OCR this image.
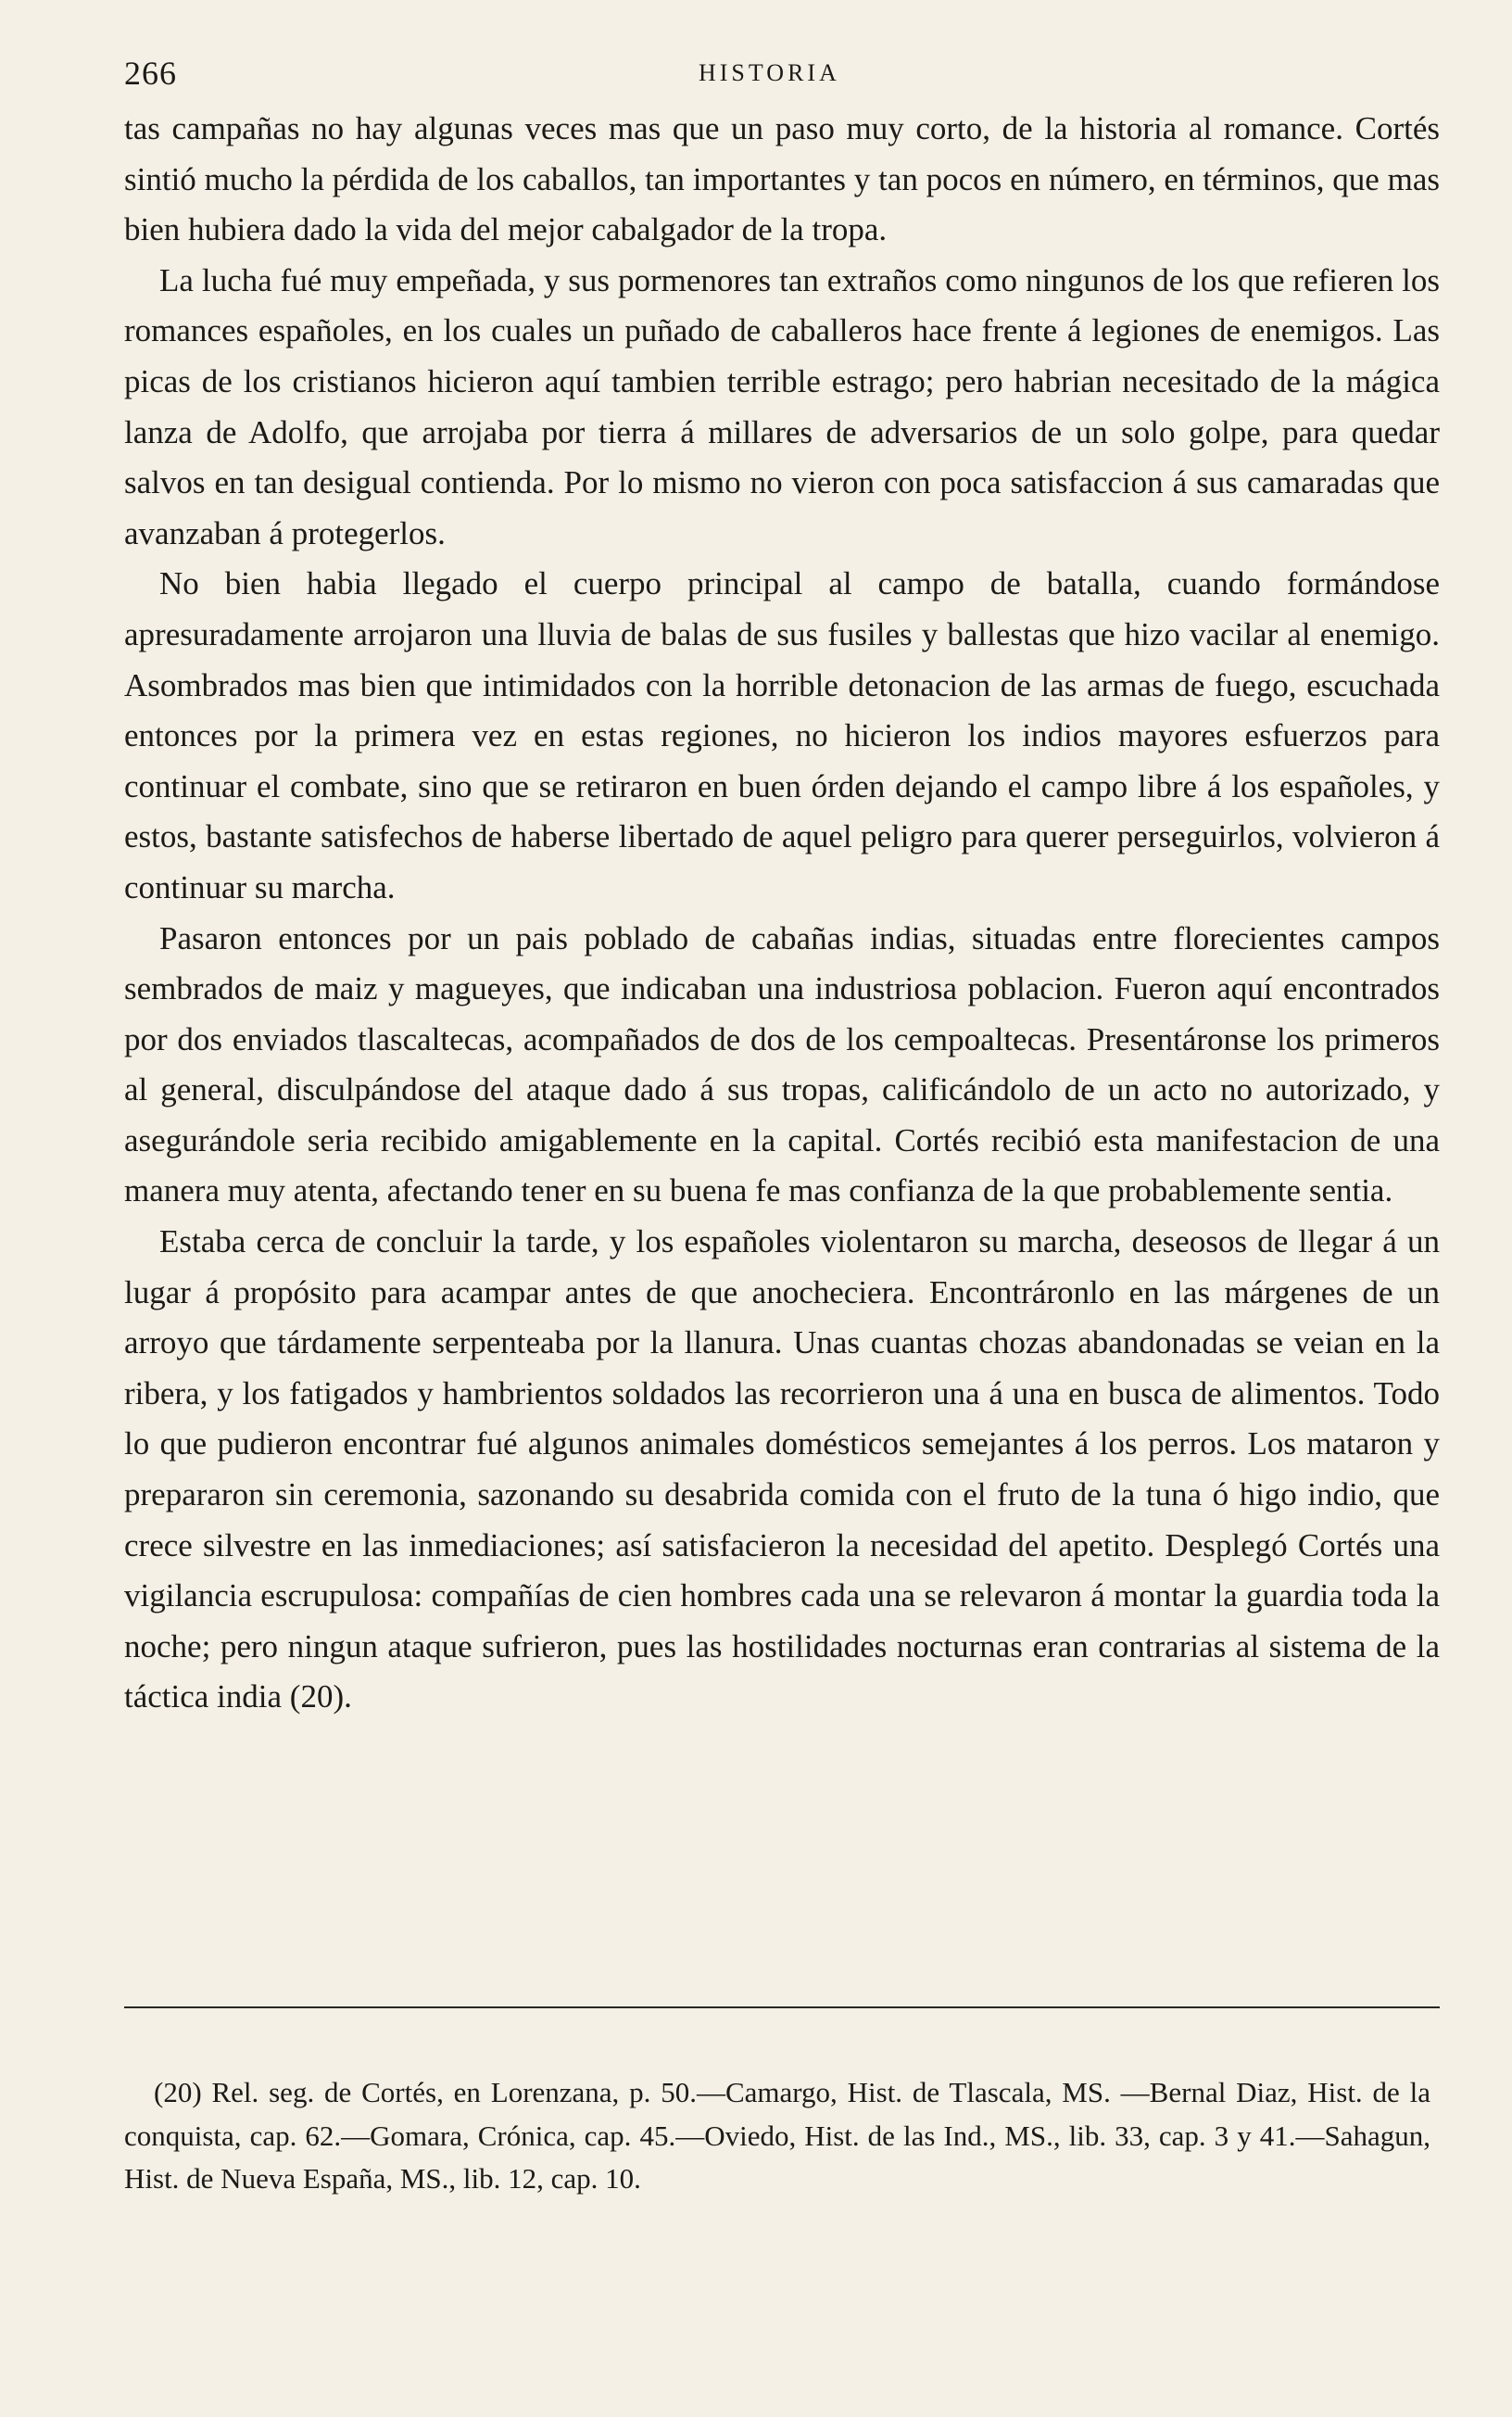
266	HISTORIA

tas campañas no hay algunas veces mas que un paso muy corto, de la historia al romance. Cortés sintió mucho la pérdida de los caballos, tan importantes y tan pocos en número, en términos, que mas bien hubiera dado la vida del mejor cabalgador de la tropa.

La lucha fué muy empeñada, y sus pormenores tan extraños como ningunos de los que refieren los romances españoles, en los cuales un puñado de caballeros hace frente á legiones de enemigos. Las picas de los cristianos hicieron aquí tambien terrible estrago; pero habrian necesitado de la mágica lanza de Adolfo, que arrojaba por tierra á millares de adversarios de un solo golpe, para quedar salvos en tan desigual contienda. Por lo mismo no vieron con poca satisfaccion á sus camaradas que avanzaban á protegerlos.

No bien habia llegado el cuerpo principal al campo de batalla, cuando formándose apresuradamente arrojaron una lluvia de balas de sus fusiles y ballestas que hizo vacilar al enemigo. Asombrados mas bien que intimidados con la horrible detonacion de las armas de fuego, escuchada entonces por la primera vez en estas regiones, no hicieron los indios mayores esfuerzos para continuar el combate, sino que se retiraron en buen órden dejando el campo libre á los españoles, y estos, bastante satisfechos de haberse libertado de aquel peligro para querer perseguirlos, volvieron á continuar su marcha.

Pasaron entonces por un pais poblado de cabañas indias, situadas entre florecientes campos sembrados de maiz y magueyes, que indicaban una industriosa poblacion. Fueron aquí encontrados por dos enviados tlascaltecas, acompañados de dos de los cempoaltecas. Presentáronse los primeros al general, disculpándose del ataque dado á sus tropas, calificándolo de un acto no autorizado, y asegurándole seria recibido amigablemente en la capital. Cortés recibió esta manifestacion de una manera muy atenta, afectando tener en su buena fe mas confianza de la que probablemente sentia.

Estaba cerca de concluir la tarde, y los españoles violentaron su marcha, deseosos de llegar á un lugar á propósito para acampar antes de que anocheciera. Encontráronlo en las márgenes de un arroyo que tárdamente serpenteaba por la llanura. Unas cuantas chozas abandonadas se veian en la ribera, y los fatigados y hambrientos soldados las recorrieron una á una en busca de alimentos. Todo lo que pudieron encontrar fué algunos animales domésticos semejantes á los perros. Los mataron y prepararon sin ceremonia, sazonando su desabrida comida con el fruto de la tuna ó higo indio, que crece silvestre en las inmediaciones; así satisfacieron la necesidad del apetito. Desplegó Cortés una vigilancia escrupulosa: compañías de cien hombres cada una se relevaron á montar la guardia toda la noche; pero ningun ataque sufrieron, pues las hostilidades nocturnas eran contrarias al sistema de la táctica india (20).

(20) Rel. seg. de Cortés, en Lorenzana, p. 50.—Camargo, Hist. de Tlascala, MS. —Bernal Diaz, Hist. de la conquista, cap. 62.—Gomara, Crónica, cap. 45.—Oviedo, Hist. de las Ind., MS., lib. 33, cap. 3 y 41.—Sahagun, Hist. de Nueva España, MS., lib. 12, cap. 10.
